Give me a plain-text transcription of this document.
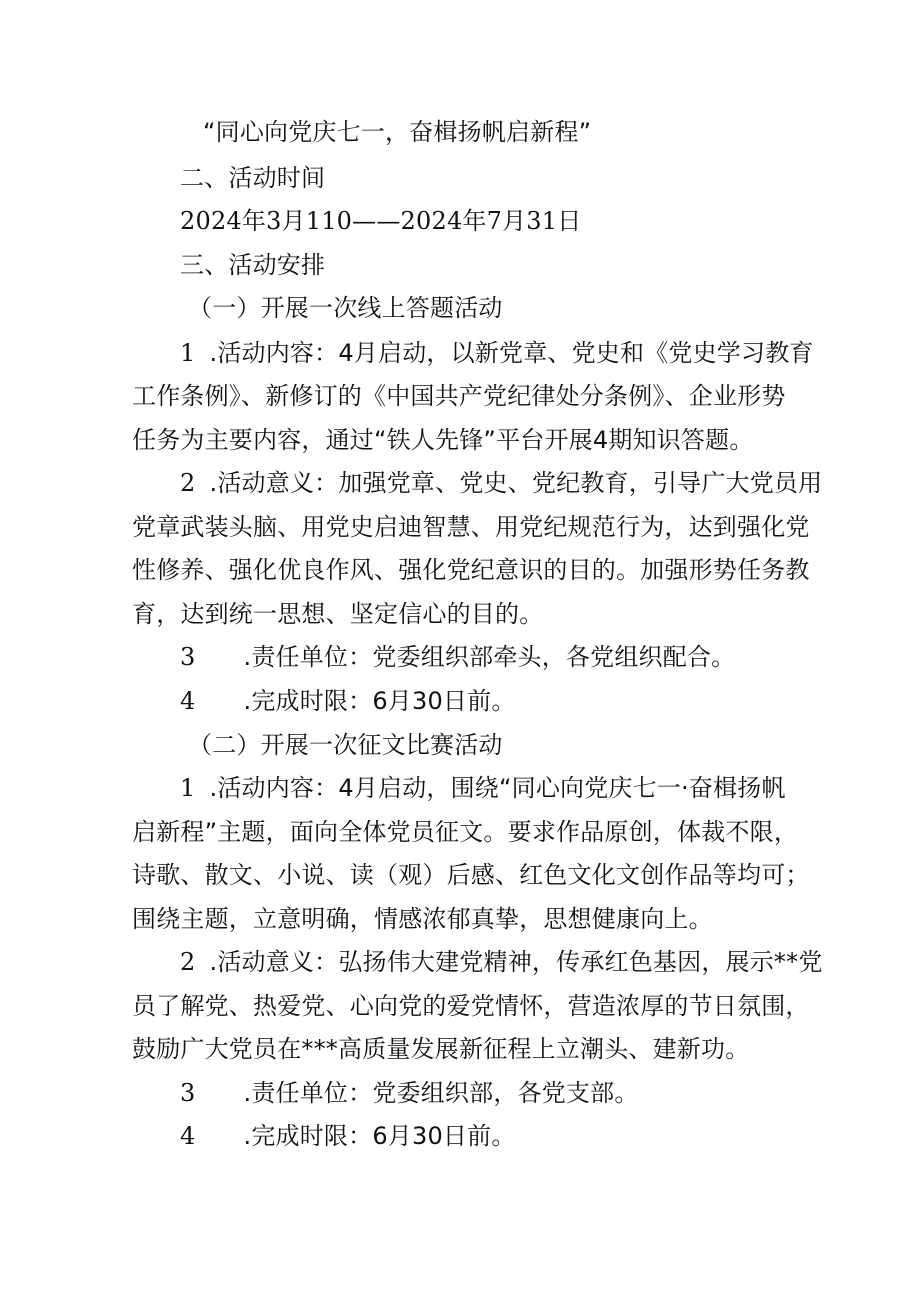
“同心向党庆七一，奋楫扬帆启新程”
二、活动时间
2024年3月110——2024年7月31日
三、活动安排
（一）开展一次线上答题活动
1 .活动内容：4月启动，以新党章、党史和《党史学习教育
工作条例》、新修订的《中国共产党纪律处分条例》、企业形势
任务为主要内容，通过“铁人先锋”平台开展4期知识答题。
2 .活动意义：加强党章、党史、党纪教育，引导广大党员用
党章武装头脑、用党史启迪智慧、用党纪规范行为，达到强化党
性修养、强化优良作风、强化党纪意识的目的。加强形势任务教
育，达到统一思想、坚定信心的目的。
3 .责任单位：党委组织部牵头，各党组织配合。
4 .完成时限：6月30日前。
（二）开展一次征文比赛活动
1 .活动内容：4月启动，围绕“同心向党庆七一·奋楫扬帆
启新程”主题，面向全体党员征文。要求作品原创，体裁不限，
诗歌、散文、小说、读（观）后感、红色文化文创作品等均可；
围绕主题，立意明确，情感浓郁真挚，思想健康向上。
2 .活动意义：弘扬伟大建党精神，传承红色基因，展示**党
员了解党、热爱党、心向党的爱党情怀，营造浓厚的节日氛围，
鼓励广大党员在***高质量发展新征程上立潮头、建新功。
3 .责任单位：党委组织部，各党支部。
4 .完成时限：6月30日前。
